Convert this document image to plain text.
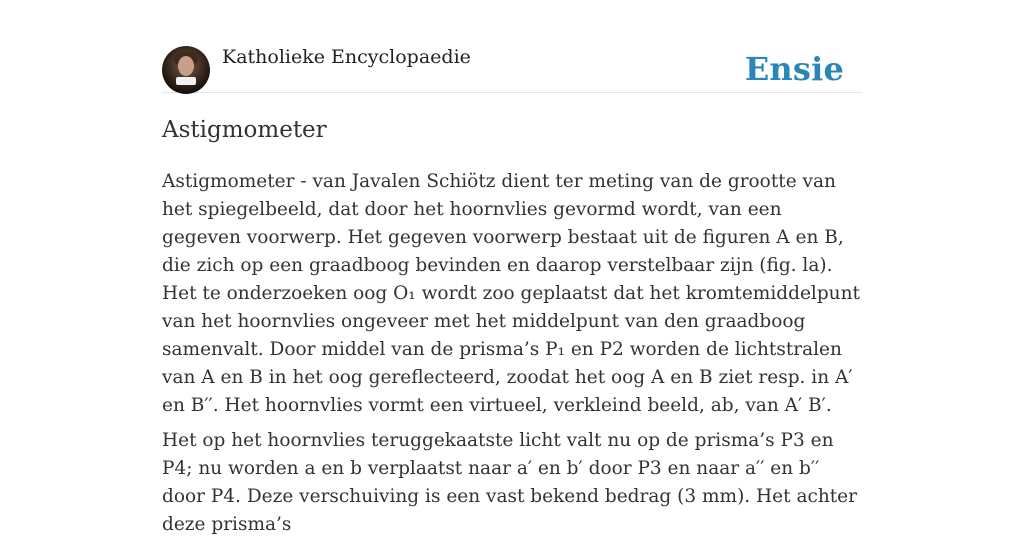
Katholieke Encyclopaedie	Ensie
Astigmometer

Astigmometer - van Javalen Schiötz dient ter meting van de grootte van het spiegelbeeld, dat door het hoornvlies gevormd wordt, van een gegeven voorwerp. Het gegeven voorwerp bestaat uit de figuren A en B, die zich op een graadboog bevinden en daarop verstelbaar zijn (fig. la). Het te onderzoeken oog O₁ wordt zoo geplaatst dat het kromtemiddelpunt van het hoornvlies ongeveer met het middelpunt van den graadboog samenvalt. Door middel van de prisma’s P₁ en P2 worden de lichtstralen van A en B in het oog gereflecteerd, zoodat het oog A en B ziet resp. in A′ en B′′. Het hoornvlies vormt een virtueel, verkleind beeld, ab, van A′ B′.

Het op het hoornvlies teruggekaatste licht valt nu op de prisma’s P3 en P4; nu worden a en b verplaatst naar a′ en b′ door P3 en naar a′′ en b′′ door P4. Deze verschuiving is een vast bekend bedrag (3 mm). Het achter deze prisma’s
